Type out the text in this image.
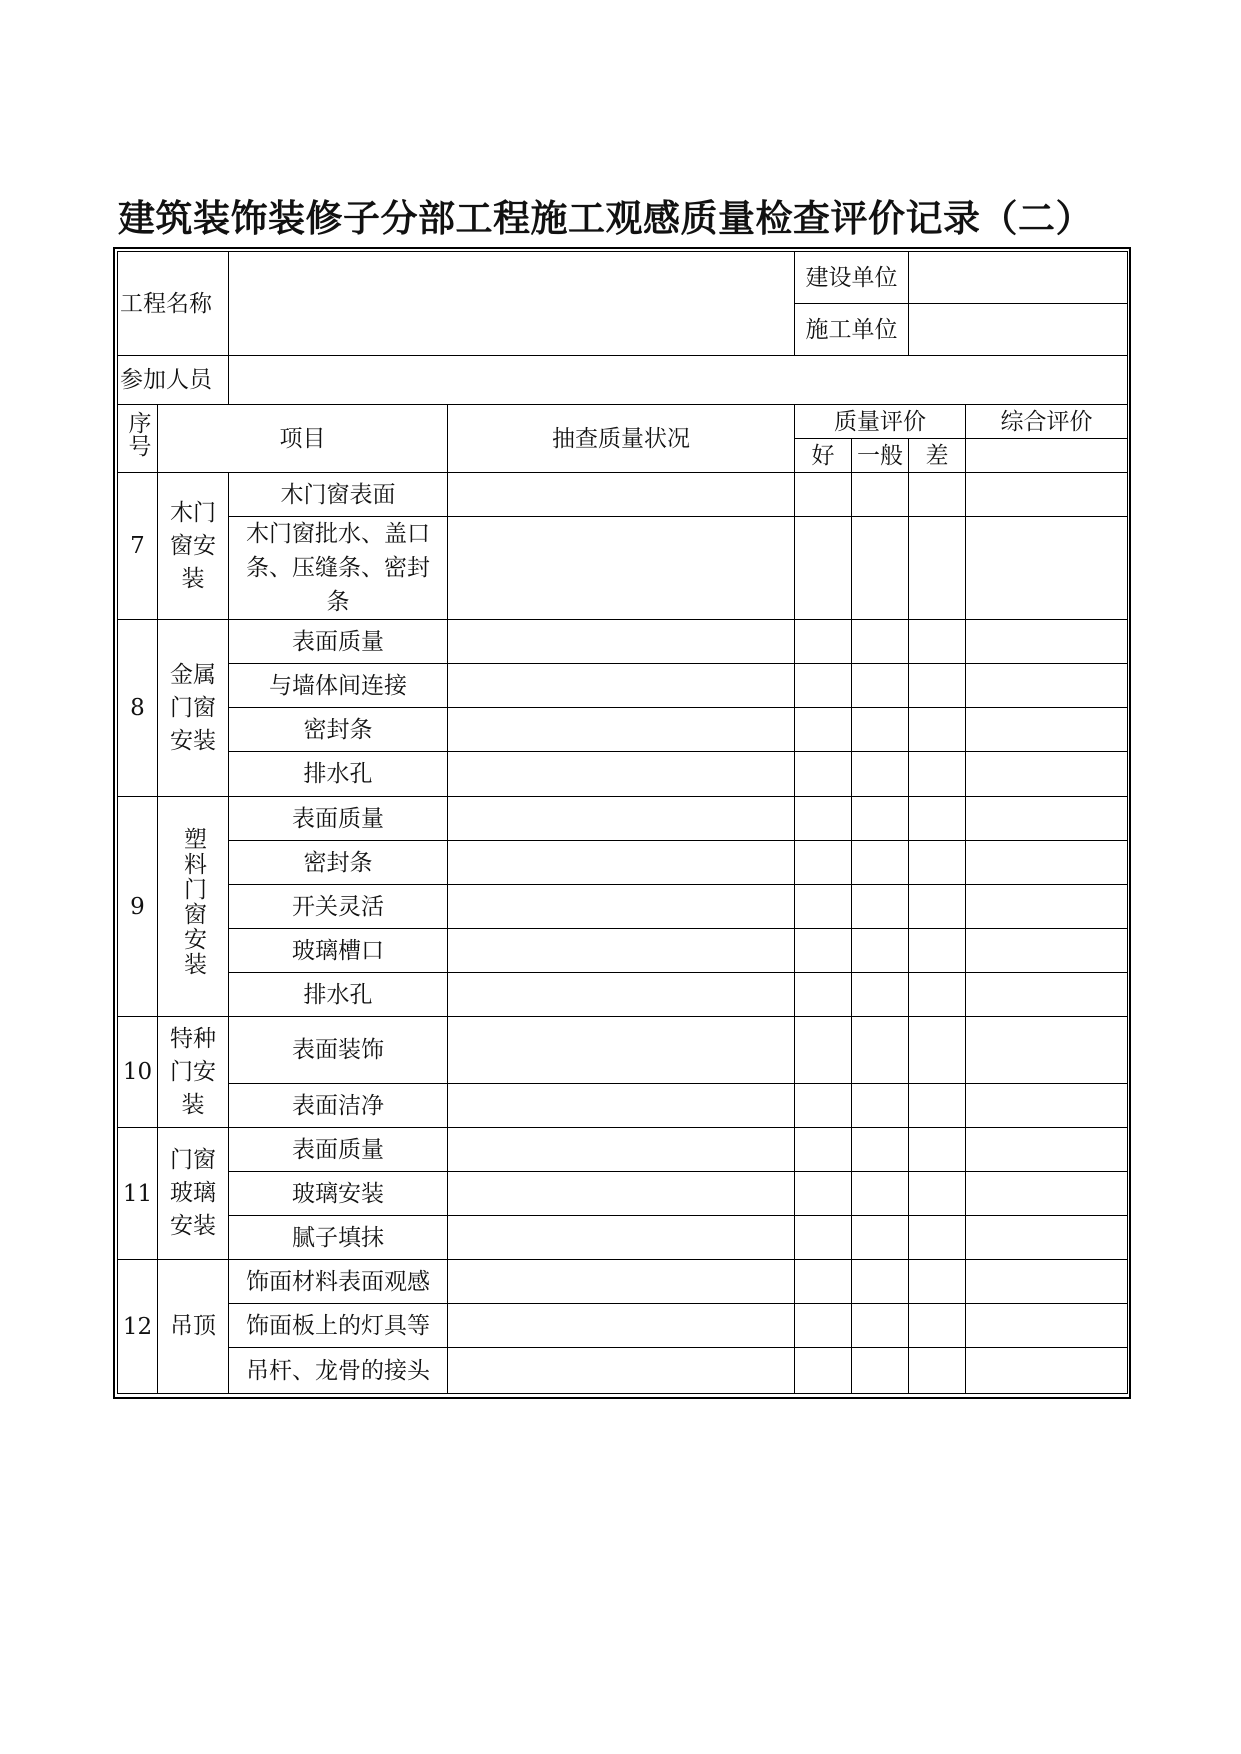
建筑装饰装修子分部工程施工观感质量检查评价记录（二）
工程名称				建设单位			
				施工单位			
参加人员							
序号	项目		抽查质量状况	质量评价			综合评价
				好	一般	差	
7	木门窗安装	木门窗表面					
		木门窗批水、盖口条、压缝条、密封条					
8	金属门窗安装	表面质量					
		与墙体间连接					
		密封条					
		排水孔					
9	塑料门窗安装	表面质量					
		密封条					
		开关灵活					
		玻璃槽口					
		排水孔					
10	特种门安装	表面装饰					
		表面洁净					
11	门窗玻璃安装	表面质量					
		玻璃安装					
		腻子填抹					
12	吊顶	饰面材料表面观感					
		饰面板上的灯具等					
		吊杆、龙骨的接头					
